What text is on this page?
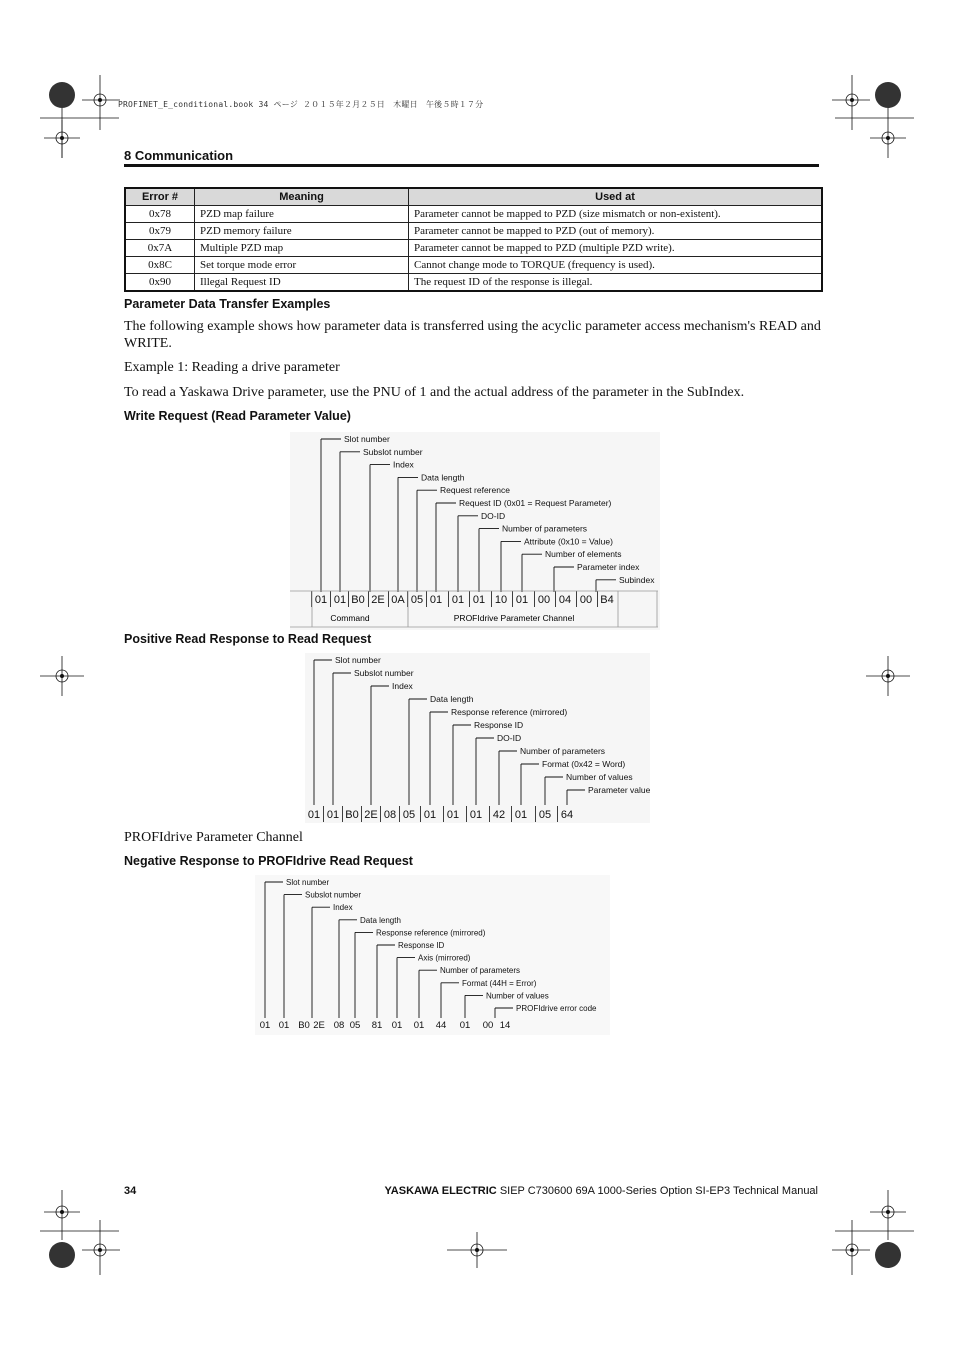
PROFINET_E_conditional.book 34 ページ ２０１５年２月２５日　木曜日　午後５時１７分
8 Communication
Error #	Meaning	Used at
0x78	PZD map failure	Parameter cannot be mapped to PZD (size mismatch or non-existent).
0x79	PZD memory failure	Parameter cannot be mapped to PZD (out of memory).
0x7A	Multiple PZD map	Parameter cannot be mapped to PZD (multiple PZD write).
0x8C	Set torque mode error	Cannot change mode to TORQUE (frequency is used).
0x90	Illegal Request ID	The request ID of the response is illegal.
Parameter Data Transfer Examples
The following example shows how parameter data is transferred using the acyclic parameter access mechanism's READ and WRITE.
Example 1: Reading a drive parameter
To read a Yaskawa Drive parameter, use the PNU of 1 and the actual address of the parameter in the SubIndex.
Write Request (Read Parameter Value)
Slot number
Subslot number
Index
Data length
Request reference
Request ID (0x01 = Request Parameter)
DO-ID
Number of parameters
Attribute (0x10 = Value)
Number of elements
Parameter index
Subindex
01 01 B0 2E 0A 05 01 01 01 10 01 00 04 00 B4
Command	PROFIdrive Parameter Channel
Positive Read Response to Read Request
Slot number
Subslot number
Index
Data length
Response reference (mirrored)
Response ID
DO-ID
Number of parameters
Format (0x42 = Word)
Number of values
Parameter value
01 01 B0 2E 08 05 01 01 01 42 01 05 64
PROFIdrive Parameter Channel
Negative Response to PROFIdrive Read Request
Slot number
Subslot number
Index
Data length
Response reference (mirrored)
Response ID
Axis (mirrored)
Number of parameters
Format (44H = Error)
Number of values
PROFIdrive error code
01 01 B0 2E 08 05 81 01 01 44 01 00 14
34	YASKAWA ELECTRIC SIEP C730600 69A 1000-Series Option SI-EP3 Technical Manual
